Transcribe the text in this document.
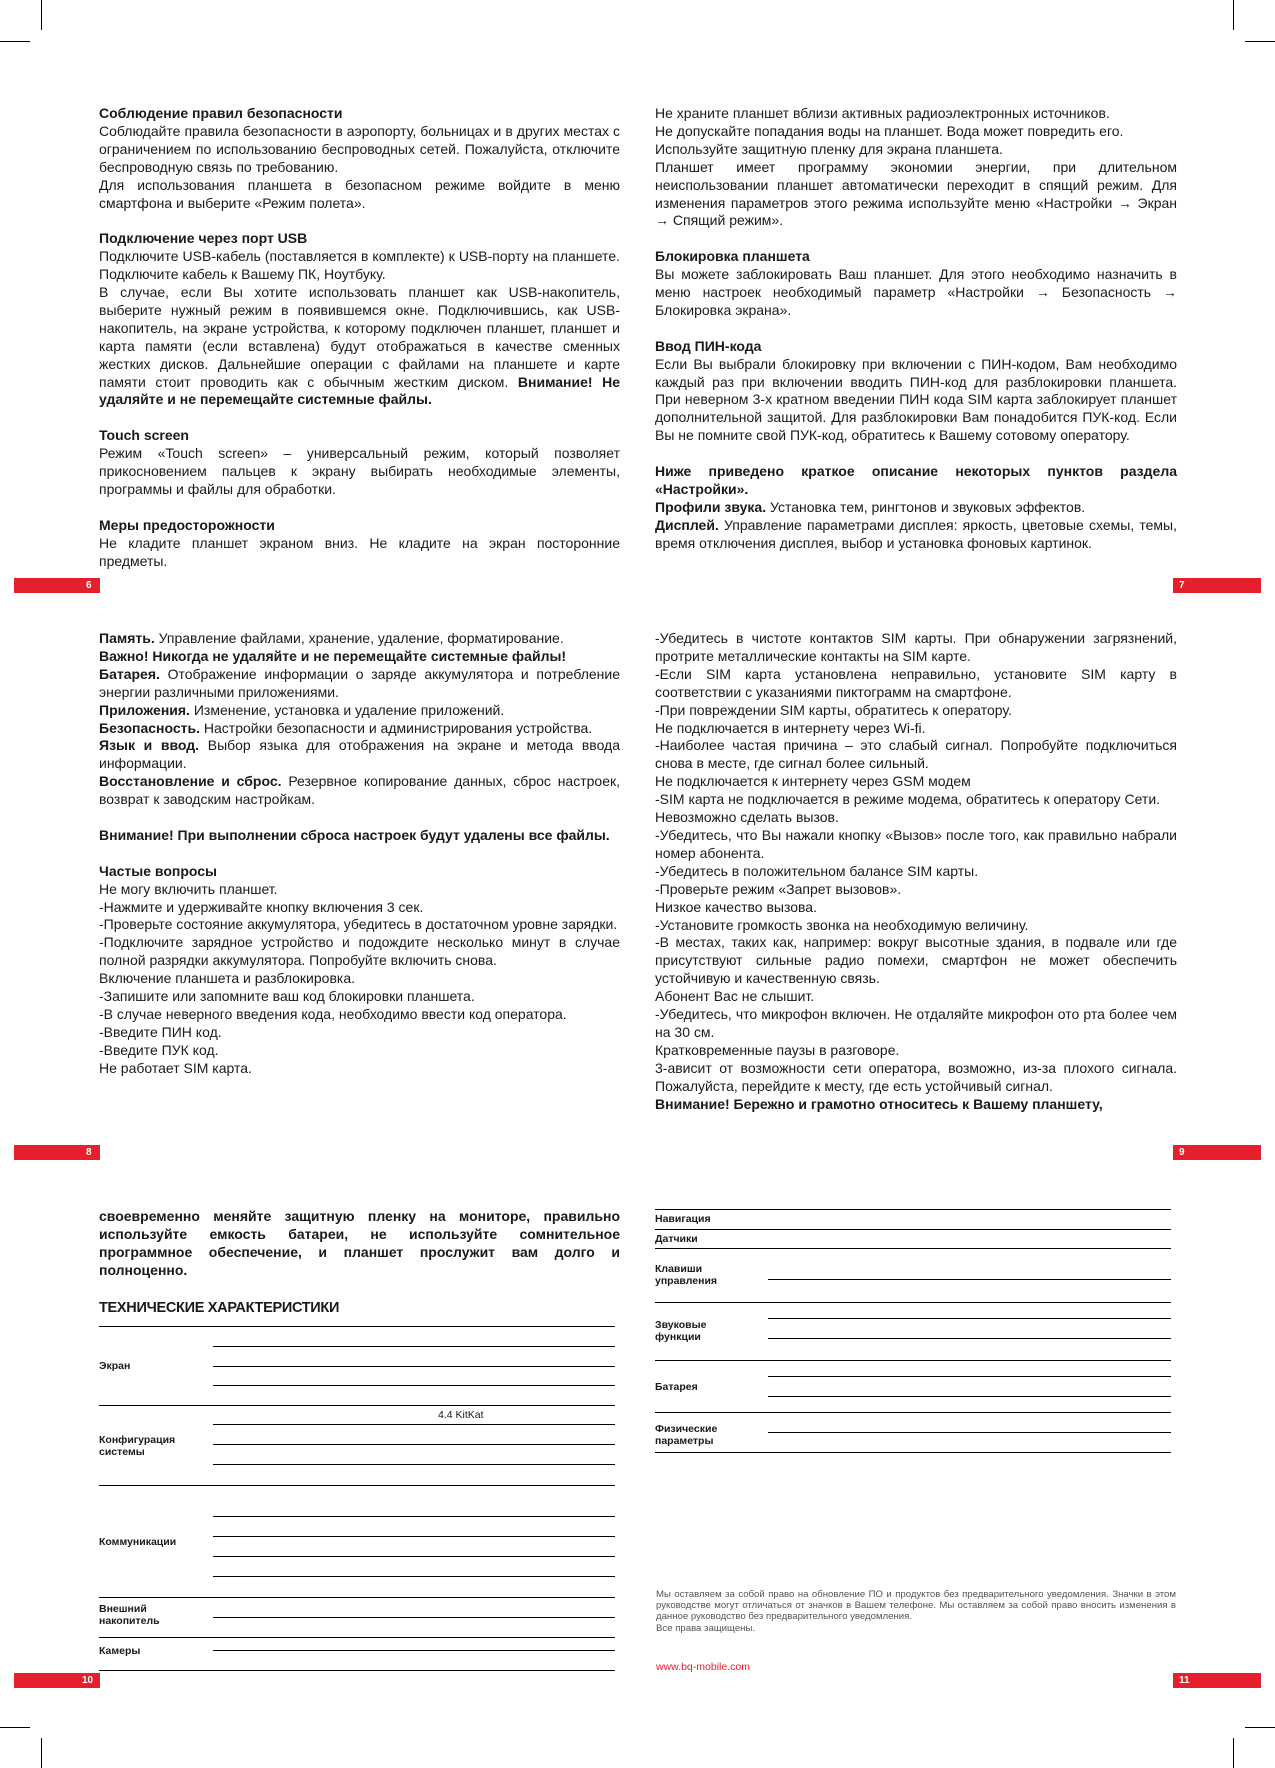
Соблюдение правил безопасности

Соблюдайте правила безопасности в аэропорту, больницах и в других местах с ограничением по использованию беспроводных сетей. Пожалуйста, отключите беспроводную связь по требованию.

Для использования планшета в безопасном режиме войдите в меню смартфона и выберите «Режим полета».

Подключение через порт USB

Подключите USB-кабель (поставляется в комплекте) к USB-порту на планшете. Подключите кабель к Вашему ПК, Ноутбуку.

В случае, если Вы хотите использовать планшет как USB-накопитель, выберите нужный режим в появившемся окне. Подключившись, как USB-накопитель, на экране устройства, к которому подключен планшет, планшет и карта памяти (если вставлена) будут отображаться в качестве сменных жестких дисков. Дальнейшие операции с файлами на планшете и карте памяти стоит проводить как с обычным жестким диском. Внимание! Не удаляйте и не перемещайте системные файлы.

Touch screen

Режим «Touch screen» – универсальный режим, который позволяет прикосновением пальцев к экрану выбирать необходимые элементы, программы и файлы для обработки.

Меры предосторожности

Не кладите планшет экраном вниз. Не кладите на экран посторонние предметы.

6

Не храните планшет вблизи активных радиоэлектронных источников.

Не допускайте попадания воды на планшет. Вода может повредить его.

Используйте защитную пленку для экрана планшета.

Планшет имеет программу экономии энергии, при длительном неиспользовании планшет автоматически переходит в спящий режим. Для изменения параметров этого режима используйте меню «Настройки → Экран → Спящий режим».

Блокировка планшета

Вы можете заблокировать Ваш планшет. Для этого необходимо назначить в меню настроек необходимый параметр «Настройки → Безопасность → Блокировка экрана».

Ввод ПИН-кода

Если Вы выбрали блокировку при включении с ПИН-кодом, Вам необходимо каждый раз при включении вводить ПИН-код для разблокировки планшета. При неверном 3-х кратном введении ПИН кода SIM карта заблокирует планшет дополнительной защитой. Для разблокировки Вам понадобится ПУК-код. Если Вы не помните свой ПУК-код, обратитесь к Вашему сотовому оператору.

Ниже приведено краткое описание некоторых пунктов раздела «Настройки».

Профили звука. Установка тем, рингтонов и звуковых эффектов.

Дисплей. Управление параметрами дисплея: яркость, цветовые схемы, темы, время отключения дисплея, выбор и установка фоновых картинок.

7

Память. Управление файлами, хранение, удаление, форматирование.

Важно! Никогда не удаляйте и не перемещайте системные файлы!

Батарея. Отображение информации о заряде аккумулятора и потребление энергии различными приложениями.

Приложения. Изменение, установка и удаление приложений.

Безопасность. Настройки безопасности и администрирования устройства.

Язык и ввод. Выбор языка для отображения на экране и метода ввода информации.

Восстановление и сброс. Резервное копирование данных, сброс настроек, возврат к заводским настройкам.

Внимание! При выполнении сброса настроек будут удалены все файлы.

Частые вопросы

Не могу включить планшет.

-Нажмите и удерживайте кнопку включения 3 сек.

-Проверьте состояние аккумулятора, убедитесь в достаточном уровне зарядки.

-Подключите зарядное устройство и подождите несколько минут в случае полной разрядки аккумулятора. Попробуйте включить снова.

Включение планшета и разблокировка.

-Запишите или запомните ваш код блокировки планшета.

-В случае неверного введения кода, необходимо ввести код оператора.

-Введите ПИН код.

-Введите ПУК код.

Не работает SIM карта.

8

-Убедитесь в чистоте контактов SIM карты. При обнаружении загрязнений, протрите металлические контакты на SIM карте.

-Если SIM карта установлена неправильно, установите SIM карту в соответствии с указаниями пиктограмм на смартфоне.

-При повреждении SIM карты, обратитесь к оператору.

Не подключается в интернету через Wi-fi.

-Наиболее частая причина – это слабый сигнал. Попробуйте подключиться снова в месте, где сигнал более сильный.

Не подключается к интернету через GSM модем

-SIM карта не подключается в режиме модема, обратитесь к оператору Сети.

Невозможно сделать вызов.

-Убедитесь, что Вы нажали кнопку «Вызов» после того, как правильно набрали номер абонента.

-Убедитесь в положительном балансе SIM карты.

-Проверьте режим «Запрет вызовов».

Низкое качество вызова.

-Установите громкость звонка на необходимую величину.

-В местах, таких как, например: вокруг высотные здания, в подвале или где присутствуют сильные радио помехи, смартфон не может обеспечить устойчивую и качественную связь.

Абонент Вас не слышит.

-Убедитесь, что микрофон включен. Не отдаляйте микрофон ото рта более чем на 30 см.

Кратковременные паузы в разговоре.

3-ависит от возможности сети оператора, возможно, из-за плохого сигнала. Пожалуйста, перейдите к месту, где есть устойчивый сигнал.

Внимание! Бережно и грамотно относитесь к Вашему планшету,

9

своевременно меняйте защитную пленку на мониторе, правильно используйте емкость батареи, не используйте сомнительное программное обеспечение, и планшет прослужит вам долго и полноценно.

ТЕХНИЧЕСКИЕ ХАРАКТЕРИСТИКИ
Экран
Конфигурация системы
Коммуникации
Внешний накопитель
Камеры
4.4 KitKat
10
Навигация
Датчики
Клавиши управления
Звуковые функции
Батарея
Физические параметры
Мы оставляем за собой право на обновление ПО и продуктов без предварительного уведомления. Значки в этом руководстве могут отличаться от значков в Вашем телефоне. Мы оставляем за собой право вносить изменения в данное руководство без предварительного уведомления.
Все права защищены.
www.bq-mobile.com
11
